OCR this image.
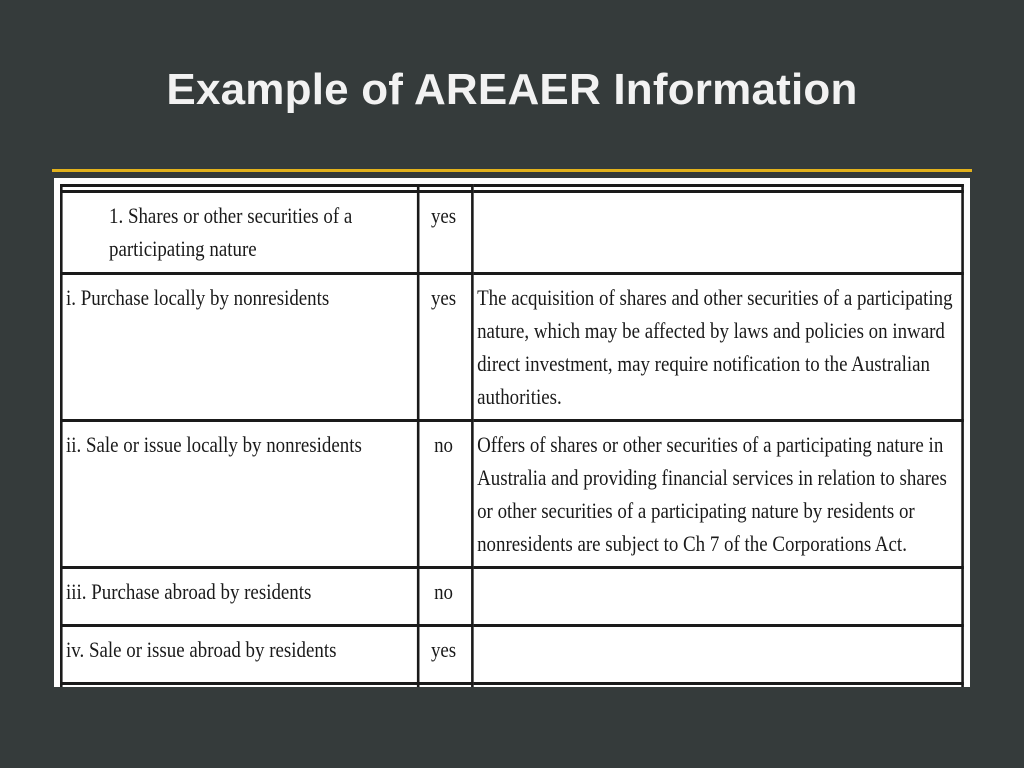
Example of AREAER Information

1. Shares or other securities of a participating nature	yes	
i. Purchase locally by nonresidents	yes	The acquisition of shares and other securities of a participating nature, which may be affected by laws and policies on inward direct investment, may require notification to the Australian authorities.
ii. Sale or issue locally by nonresidents	no	Offers of shares or other securities of a participating nature in Australia and providing financial services in relation to shares or other securities of a participating nature by residents or nonresidents are subject to Ch 7 of the Corporations Act.
iii. Purchase abroad by residents	no	
iv. Sale or issue abroad by residents	yes	
